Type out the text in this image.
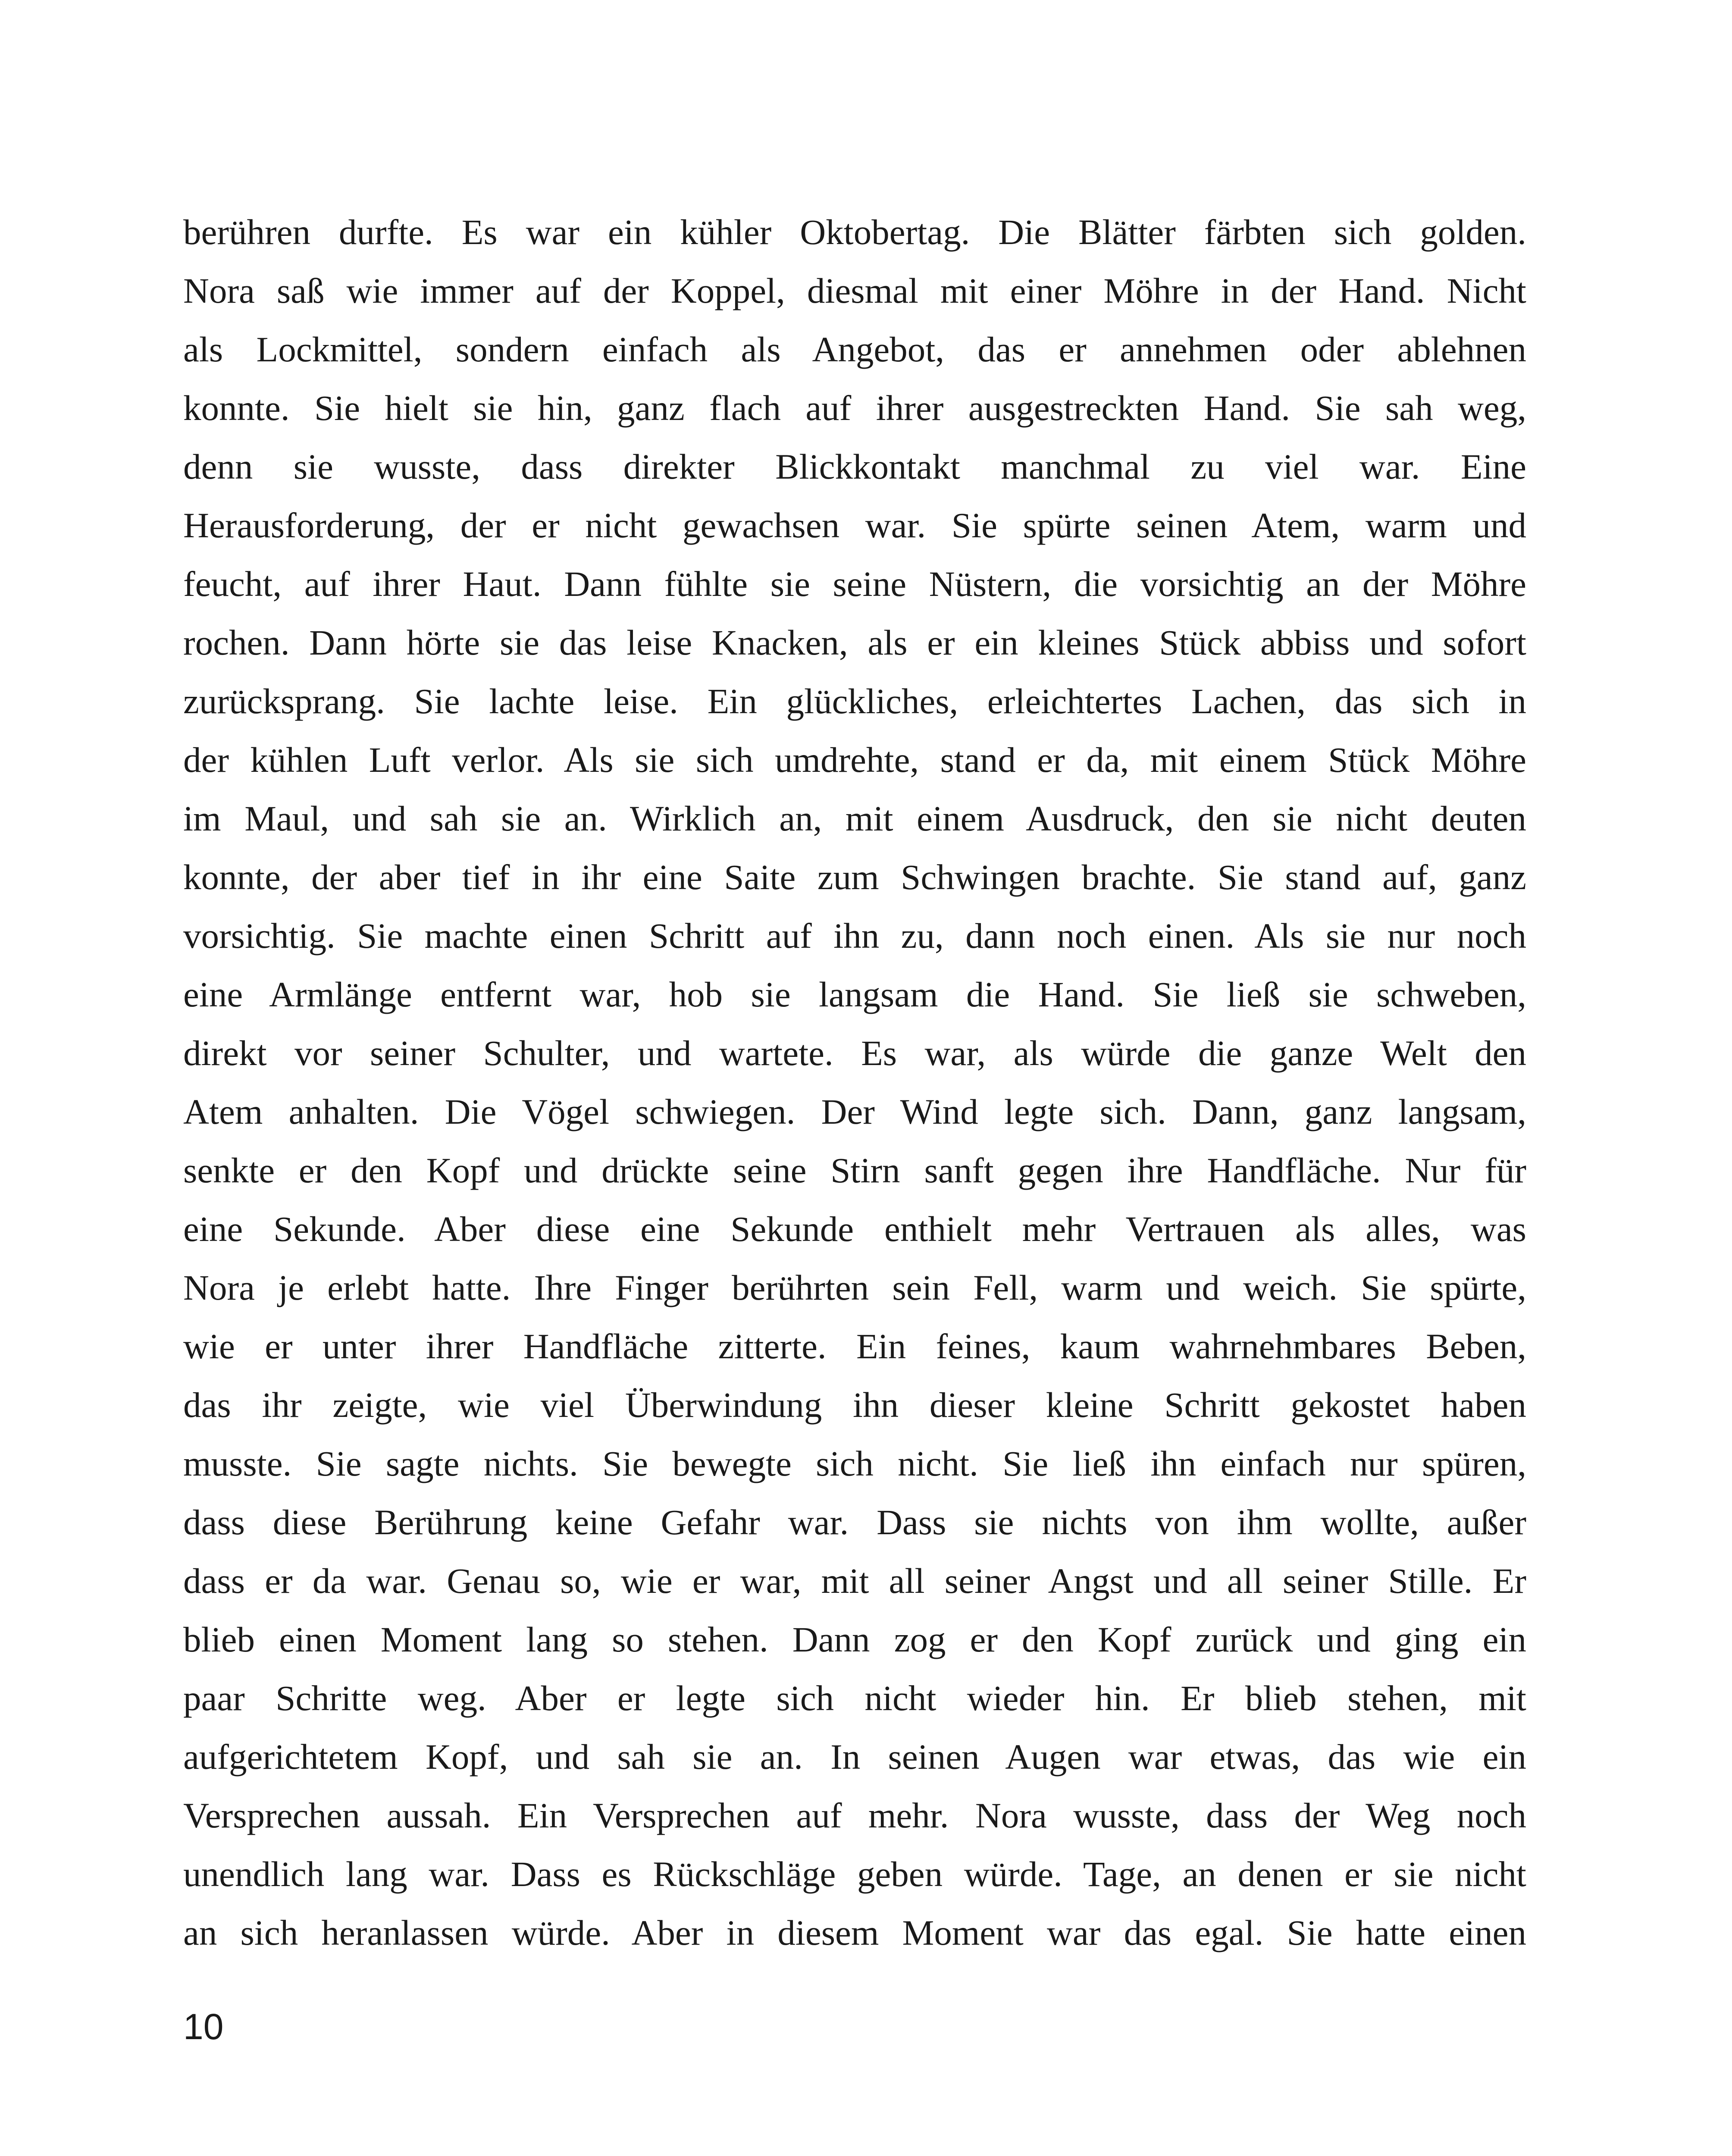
berühren durfte. Es war ein kühler Oktobertag. Die Blätter färbten sich golden.
Nora saß wie immer auf der Koppel, diesmal mit einer Möhre in der Hand. Nicht
als Lockmittel, sondern einfach als Angebot, das er annehmen oder ablehnen
konnte. Sie hielt sie hin, ganz flach auf ihrer ausgestreckten Hand. Sie sah weg,
denn sie wusste, dass direkter Blickkontakt manchmal zu viel war. Eine
Herausforderung, der er nicht gewachsen war. Sie spürte seinen Atem, warm und
feucht, auf ihrer Haut. Dann fühlte sie seine Nüstern, die vorsichtig an der Möhre
rochen. Dann hörte sie das leise Knacken, als er ein kleines Stück abbiss und sofort
zurücksprang. Sie lachte leise. Ein glückliches, erleichtertes Lachen, das sich in
der kühlen Luft verlor. Als sie sich umdrehte, stand er da, mit einem Stück Möhre
im Maul, und sah sie an. Wirklich an, mit einem Ausdruck, den sie nicht deuten
konnte, der aber tief in ihr eine Saite zum Schwingen brachte. Sie stand auf, ganz
vorsichtig. Sie machte einen Schritt auf ihn zu, dann noch einen. Als sie nur noch
eine Armlänge entfernt war, hob sie langsam die Hand. Sie ließ sie schweben,
direkt vor seiner Schulter, und wartete. Es war, als würde die ganze Welt den
Atem anhalten. Die Vögel schwiegen. Der Wind legte sich. Dann, ganz langsam,
senkte er den Kopf und drückte seine Stirn sanft gegen ihre Handfläche. Nur für
eine Sekunde. Aber diese eine Sekunde enthielt mehr Vertrauen als alles, was
Nora je erlebt hatte. Ihre Finger berührten sein Fell, warm und weich. Sie spürte,
wie er unter ihrer Handfläche zitterte. Ein feines, kaum wahrnehmbares Beben,
das ihr zeigte, wie viel Überwindung ihn dieser kleine Schritt gekostet haben
musste. Sie sagte nichts. Sie bewegte sich nicht. Sie ließ ihn einfach nur spüren,
dass diese Berührung keine Gefahr war. Dass sie nichts von ihm wollte, außer
dass er da war. Genau so, wie er war, mit all seiner Angst und all seiner Stille. Er
blieb einen Moment lang so stehen. Dann zog er den Kopf zurück und ging ein
paar Schritte weg. Aber er legte sich nicht wieder hin. Er blieb stehen, mit
aufgerichtetem Kopf, und sah sie an. In seinen Augen war etwas, das wie ein
Versprechen aussah. Ein Versprechen auf mehr. Nora wusste, dass der Weg noch
unendlich lang war. Dass es Rückschläge geben würde. Tage, an denen er sie nicht
an sich heranlassen würde. Aber in diesem Moment war das egal. Sie hatte einen
10
